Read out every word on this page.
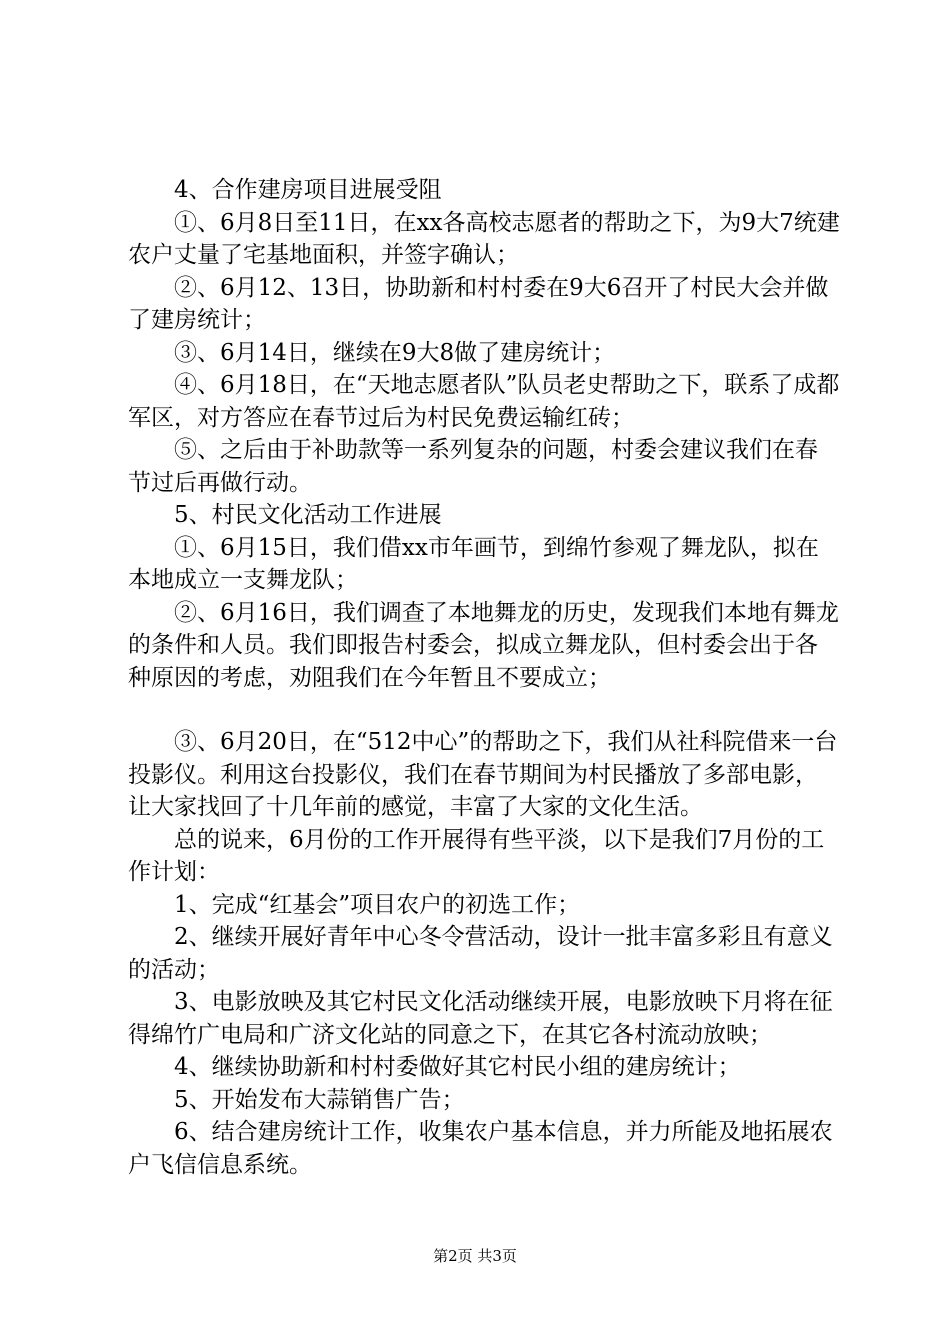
4、合作建房项目进展受阻

①、6月8日至11日，在xx各高校志愿者的帮助之下，为9大7统建农户丈量了宅基地面积，并签字确认；

②、6月12、13日，协助新和村村委在9大6召开了村民大会并做了建房统计；

③、6月14日，继续在9大8做了建房统计；

④、6月18日，在“天地志愿者队”队员老史帮助之下，联系了成都军区，对方答应在春节过后为村民免费运输红砖；

⑤、之后由于补助款等一系列复杂的问题，村委会建议我们在春节过后再做行动。

5、村民文化活动工作进展

①、6月15日，我们借xx市年画节，到绵竹参观了舞龙队，拟在本地成立一支舞龙队；

②、6月16日，我们调查了本地舞龙的历史，发现我们本地有舞龙的条件和人员。我们即报告村委会，拟成立舞龙队，但村委会出于各种原因的考虑，劝阻我们在今年暂且不要成立；

③、6月20日，在“512中心”的帮助之下，我们从社科院借来一台投影仪。利用这台投影仪，我们在春节期间为村民播放了多部电影，让大家找回了十几年前的感觉，丰富了大家的文化生活。

总的说来，6月份的工作开展得有些平淡，以下是我们7月份的工作计划：

1、完成“红基会”项目农户的初选工作；

2、继续开展好青年中心冬令营活动，设计一批丰富多彩且有意义的活动；

3、电影放映及其它村民文化活动继续开展，电影放映下月将在征得绵竹广电局和广济文化站的同意之下，在其它各村流动放映；

4、继续协助新和村村委做好其它村民小组的建房统计；

5、开始发布大蒜销售广告；

6、结合建房统计工作，收集农户基本信息，并力所能及地拓展农户飞信信息系统。

第2页 共3页
